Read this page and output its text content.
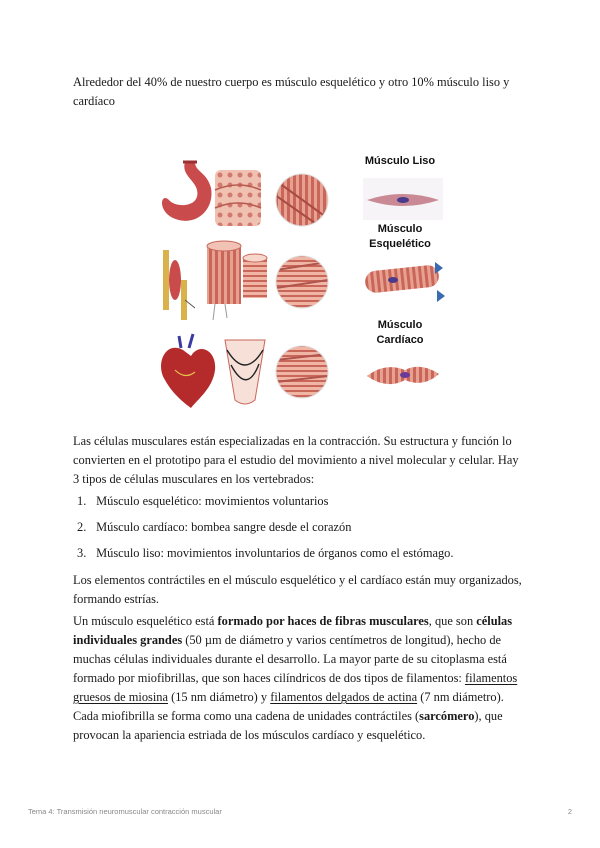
Alrededor del 40% de nuestro cuerpo es músculo esquelético y otro 10% músculo liso y cardíaco

Músculo Liso
Músculo
Esquelético
Músculo
Cardíaco

Las células musculares están especializadas en la contracción. Su estructura y función lo convierten en el prototipo para el estudio del movimiento a nivel molecular y celular. Hay 3 tipos de células musculares en los vertebrados:

1. Músculo esquelético: movimientos voluntarios
2. Músculo cardíaco: bombea sangre desde el corazón
3. Músculo liso: movimientos involuntarios de órganos como el estómago.

Los elementos contráctiles en el músculo esquelético y el cardíaco están muy organizados, formando estrías.

Un músculo esquelético está formado por haces de fibras musculares, que son células individuales grandes (50 µm de diámetro y varios centímetros de longitud), hecho de muchas células individuales durante el desarrollo. La mayor parte de su citoplasma está formado por miofibrillas, que son haces cilíndricos de dos tipos de filamentos: filamentos gruesos de miosina (15 nm diámetro) y filamentos delgados de actina (7 nm diámetro). Cada miofibrilla se forma como una cadena de unidades contráctiles (sarcómero), que provocan la apariencia estriada de los músculos cardíaco y esquelético.

Tema 4: Transmisión neuromuscular contracción muscular	2
